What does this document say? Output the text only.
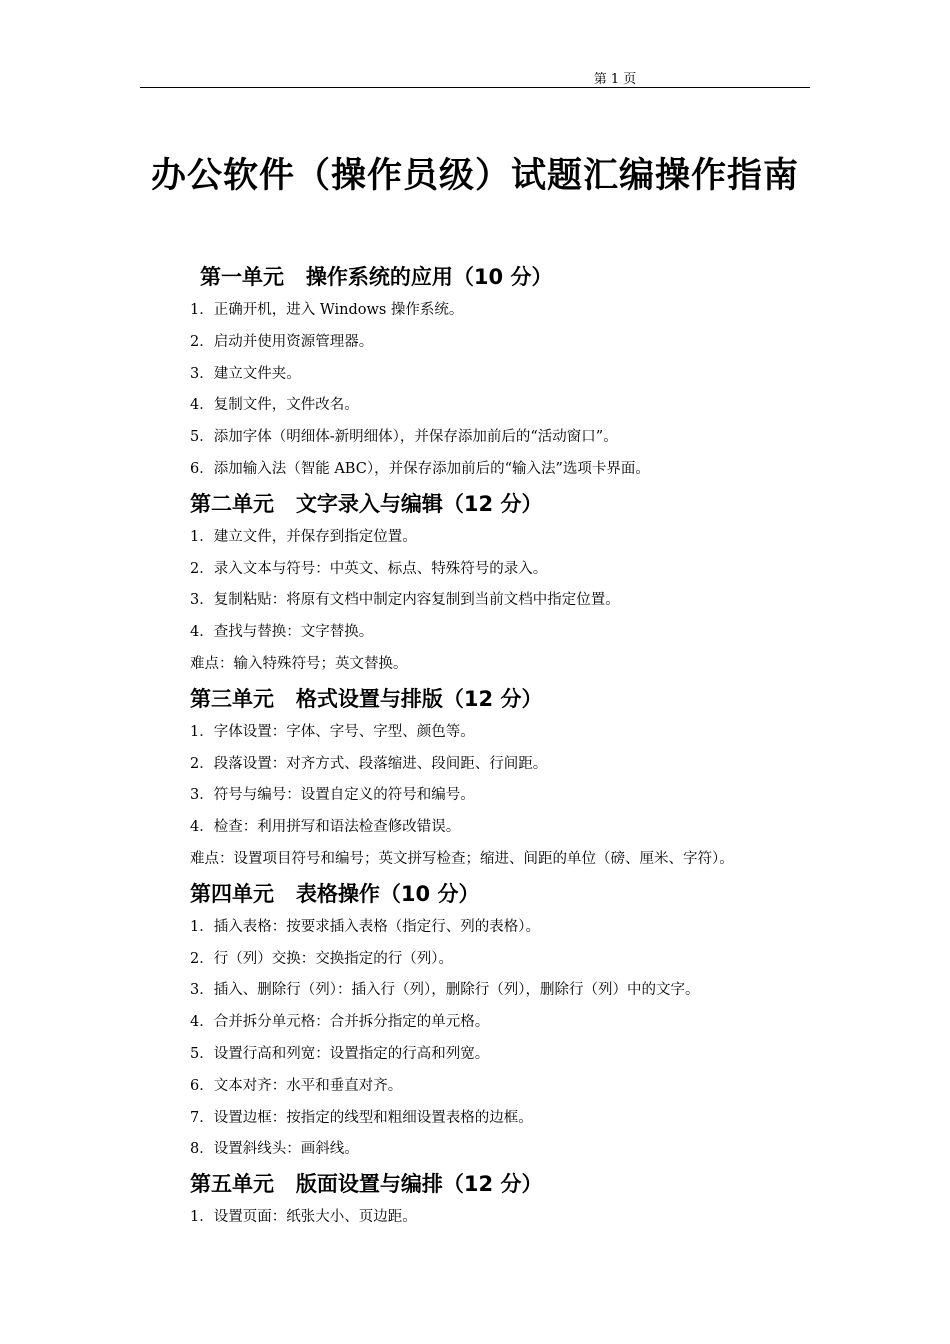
第 1 页
办公软件（操作员级）试题汇编操作指南
第一单元   操作系统的应用（10 分）
1．正确开机，进入 Windows 操作系统。
2．启动并使用资源管理器。
3．建立文件夹。
4．复制文件，文件改名。
5．添加字体（明细体-新明细体），并保存添加前后的“活动窗口”。
6．添加输入法（智能 ABC），并保存添加前后的“输入法”选项卡界面。
第二单元   文字录入与编辑（12 分）
1．建立文件，并保存到指定位置。
2．录入文本与符号：中英文、标点、特殊符号的录入。
3．复制粘贴：将原有文档中制定内容复制到当前文档中指定位置。
4．查找与替换：文字替换。
难点：输入特殊符号；英文替换。
第三单元   格式设置与排版（12 分）
1．字体设置：字体、字号、字型、颜色等。
2．段落设置：对齐方式、段落缩进、段间距、行间距。
3．符号与编号：设置自定义的符号和编号。
4．检查：利用拼写和语法检查修改错误。
难点：设置项目符号和编号；英文拼写检查；缩进、间距的单位（磅、厘米、字符）。
第四单元   表格操作（10 分）
1．插入表格：按要求插入表格（指定行、列的表格）。
2．行（列）交换：交换指定的行（列）。
3．插入、删除行（列）：插入行（列），删除行（列），删除行（列）中的文字。
4．合并拆分单元格：合并拆分指定的单元格。
5．设置行高和列宽：设置指定的行高和列宽。
6．文本对齐：水平和垂直对齐。
7．设置边框：按指定的线型和粗细设置表格的边框。
8．设置斜线头：画斜线。
第五单元   版面设置与编排（12 分）
1．设置页面：纸张大小、页边距。
